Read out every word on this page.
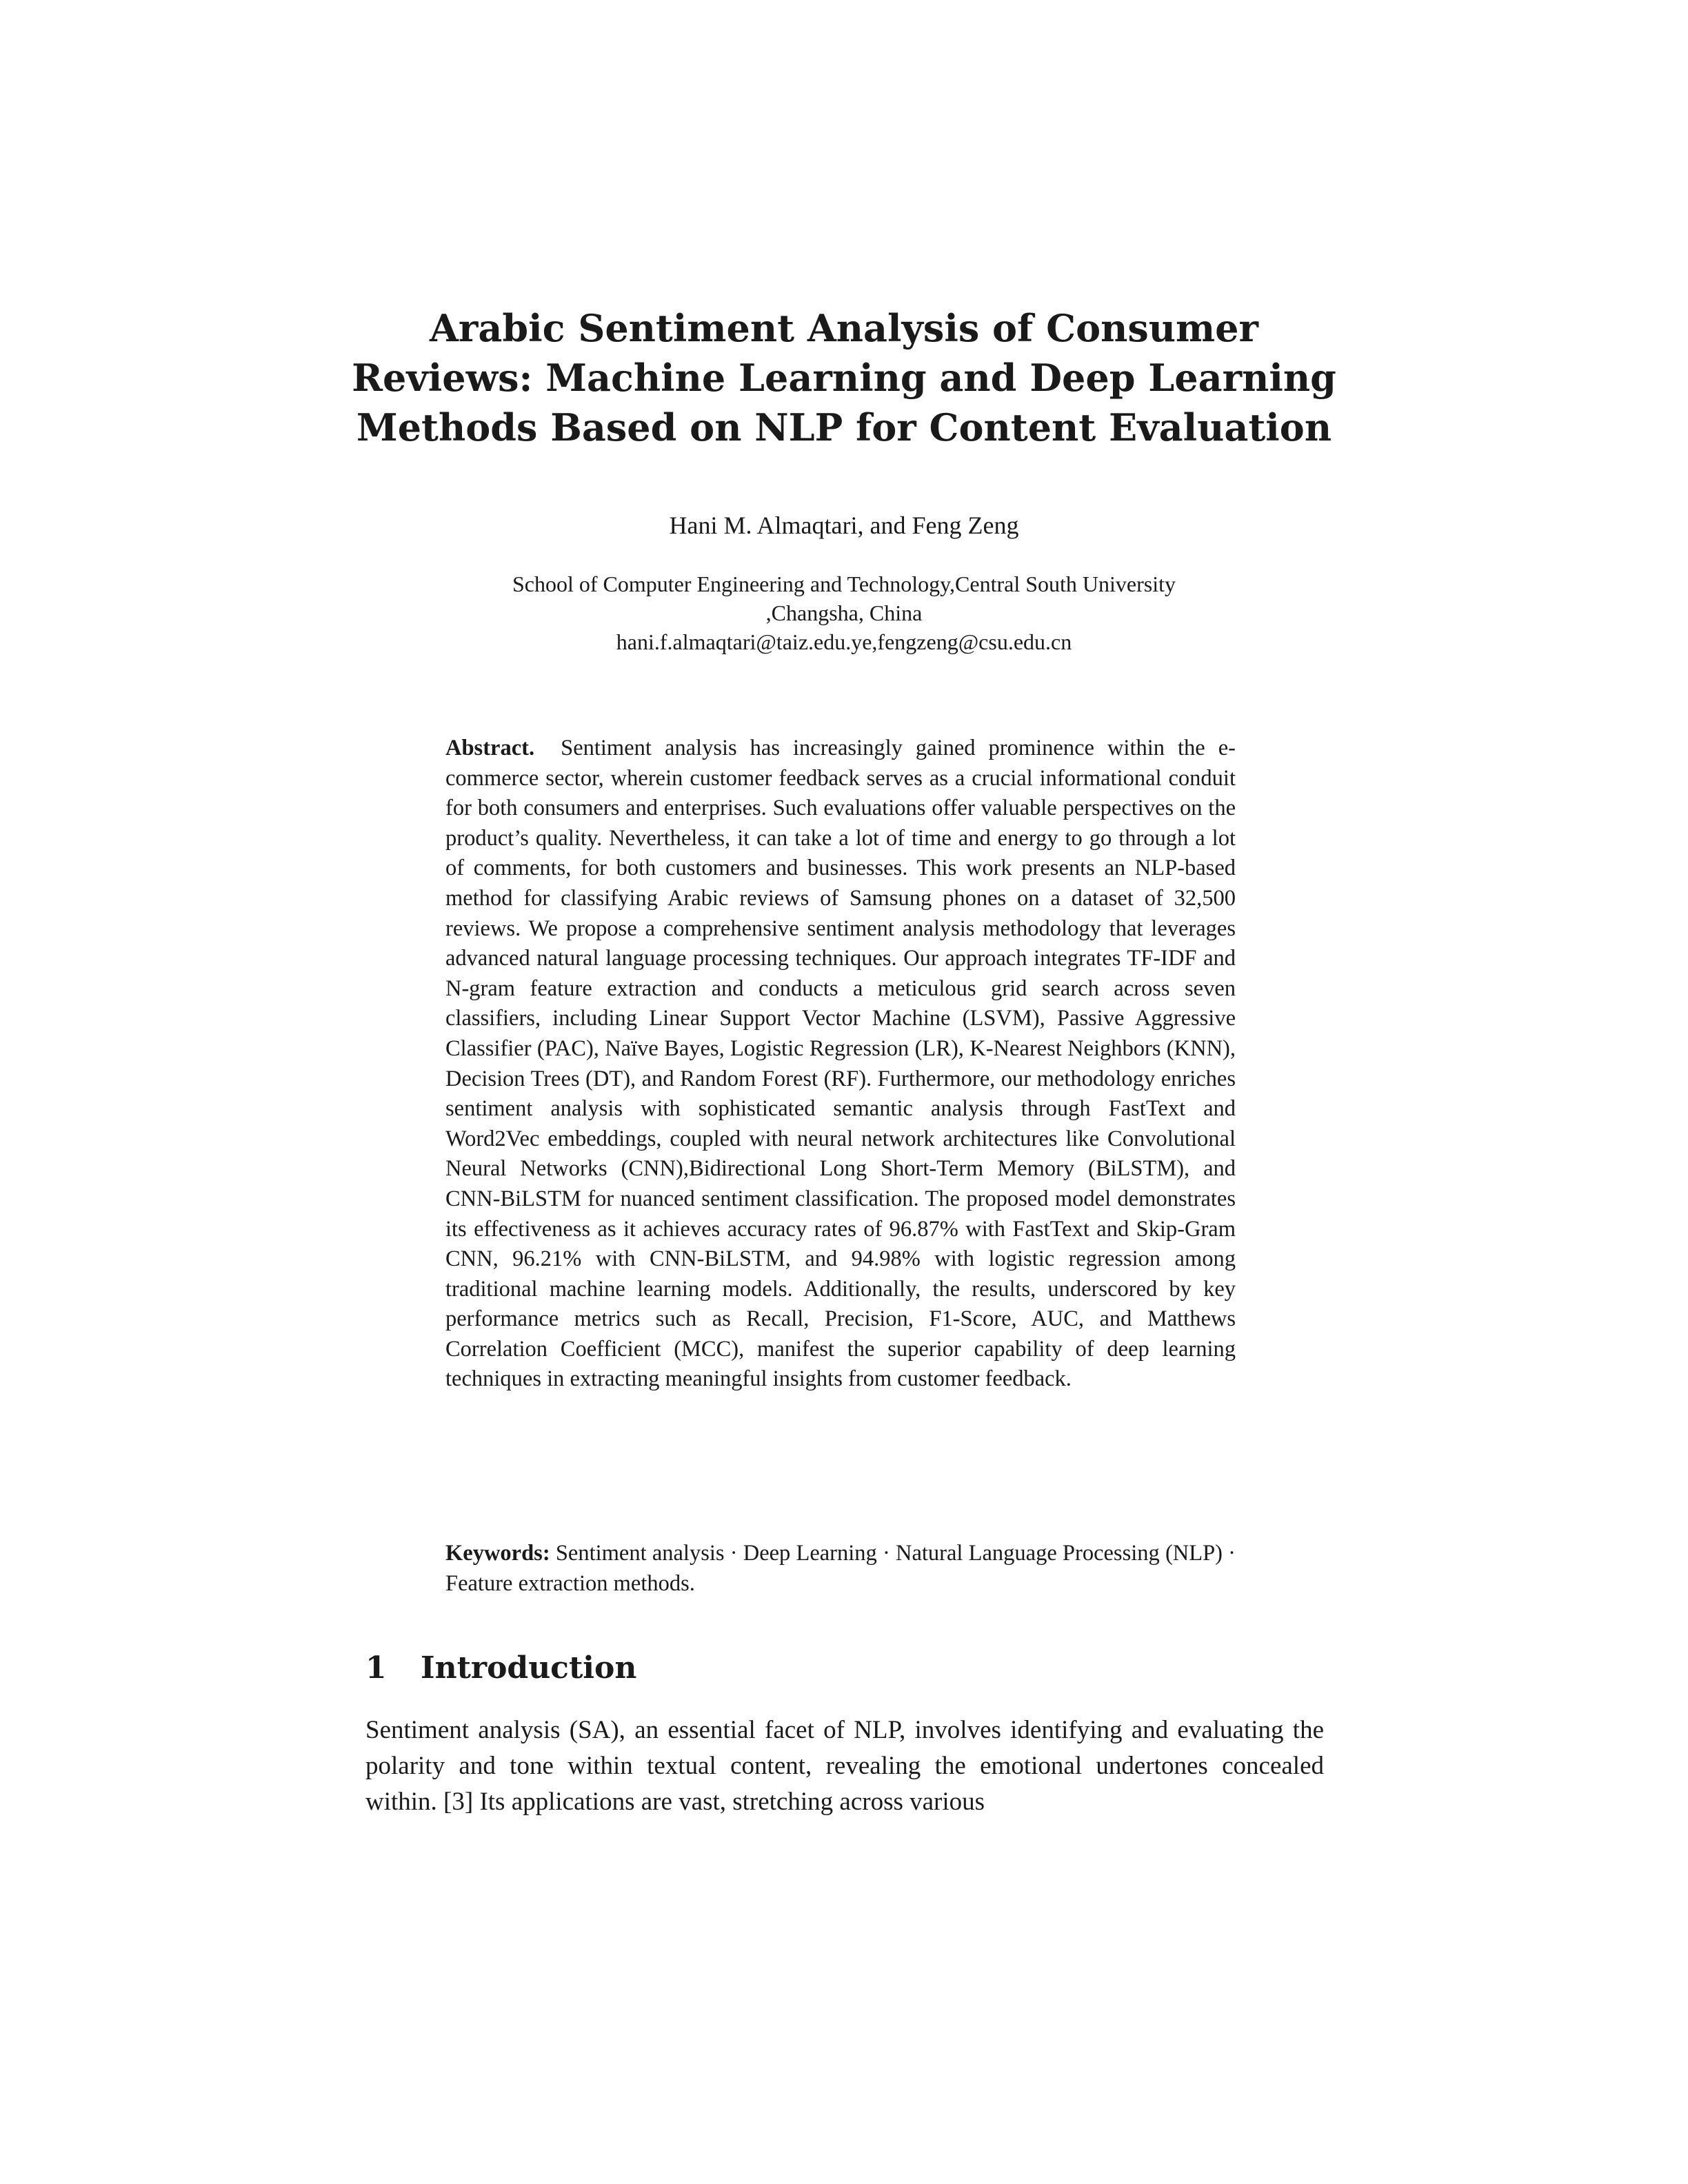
Arabic Sentiment Analysis of Consumer
Reviews: Machine Learning and Deep Learning
Methods Based on NLP for Content Evaluation
Hani M. Almaqtari, and Feng Zeng
School of Computer Engineering and Technology,Central South University
,Changsha, China
hani.f.almaqtari@taiz.edu.ye,fengzeng@csu.edu.cn
Abstract. Sentiment analysis has increasingly gained prominence within the e-commerce sector, wherein customer feedback serves as a crucial informational conduit for both consumers and enterprises. Such evaluations offer valuable perspectives on the product’s quality. Nevertheless, it can take a lot of time and energy to go through a lot of comments, for both customers and businesses. This work presents an NLP-based method for classifying Arabic reviews of Samsung phones on a dataset of 32,500 reviews. We propose a comprehensive sentiment analysis methodology that leverages advanced natural language processing techniques. Our approach integrates TF-IDF and N-gram feature extraction and conducts a meticulous grid search across seven classifiers, including Linear Support Vector Machine (LSVM), Passive Aggressive Classifier (PAC), Naïve Bayes, Logistic Regression (LR), K-Nearest Neighbors (KNN), Decision Trees (DT), and Random Forest (RF). Furthermore, our methodology enriches sentiment analysis with sophisticated semantic analysis through FastText and Word2Vec embeddings, coupled with neural network architectures like Convolutional Neural Networks (CNN),Bidirectional Long Short-Term Memory (BiLSTM), and CNN-BiLSTM for nuanced sentiment classification. The proposed model demonstrates its effectiveness as it achieves accuracy rates of 96.87% with FastText and Skip-Gram CNN, 96.21% with CNN-BiLSTM, and 94.98% with logistic regression among traditional machine learning models. Additionally, the results, underscored by key performance metrics such as Recall, Precision, F1-Score, AUC, and Matthews Correlation Coefficient (MCC), manifest the superior capability of deep learning techniques in extracting meaningful insights from customer feedback.
Keywords: Sentiment analysis · Deep Learning · Natural Language Processing (NLP) · Feature extraction methods.
1 Introduction
Sentiment analysis (SA), an essential facet of NLP, involves identifying and evaluating the polarity and tone within textual content, revealing the emotional undertones concealed within. [3] Its applications are vast, stretching across various
